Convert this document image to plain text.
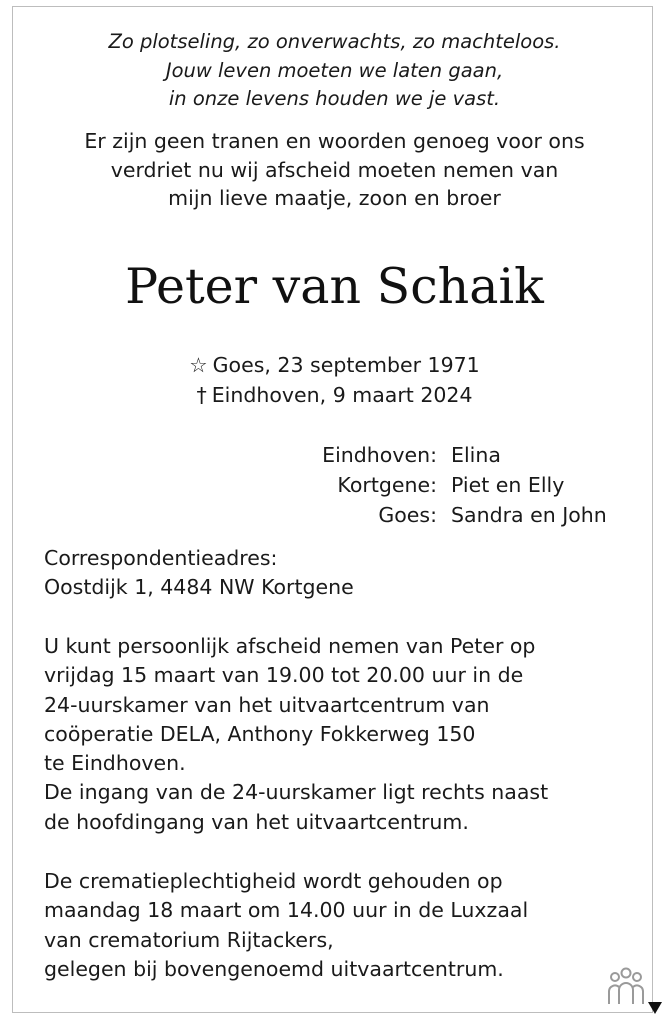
Zo plotseling, zo onverwachts, zo machteloos.
Jouw leven moeten we laten gaan,
in onze levens houden we je vast.
Er zijn geen tranen en woorden genoeg voor ons
verdriet nu wij afscheid moeten nemen van
mijn lieve maatje, zoon en broer
Peter van Schaik
☆ Goes, 23 september 1971
† Eindhoven, 9 maart 2024
Eindhoven: Elina
Kortgene: Piet en Elly
Goes: Sandra en John

Correspondentieadres:

Oostdijk 1, 4484 NW Kortgene

U kunt persoonlijk afscheid nemen van Peter op

vrijdag 15 maart van 19.00 tot 20.00 uur in de

24-uurskamer van het uitvaartcentrum van

coöperatie DELA, Anthony Fokkerweg 150

te Eindhoven.

De ingang van de 24-uurskamer ligt rechts naast

de hoofdingang van het uitvaartcentrum.

De crematieplechtigheid wordt gehouden op

maandag 18 maart om 14.00 uur in de Luxzaal

van crematorium Rijtackers,

gelegen bij bovengenoemd uitvaartcentrum.
